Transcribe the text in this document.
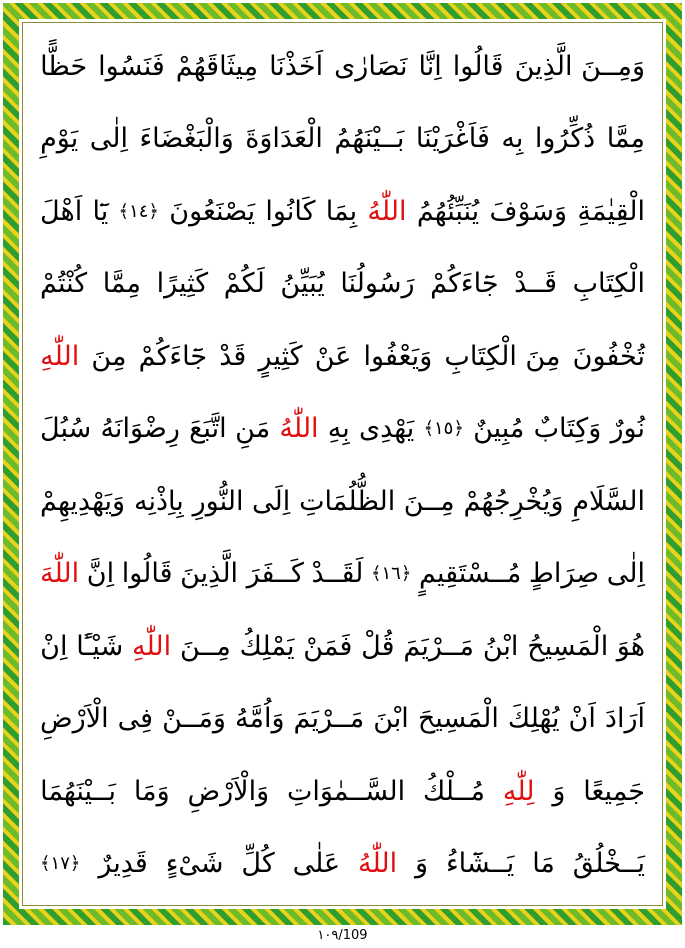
وَمِــنَ الَّذِينَ
قَالُوا
اِنَّا
نَصَارٰى
اَخَذْنَا
مِيثَاقَهُمْ
فَنَسُوا
حَظًّا
مِمَّا
ذُكِّرُوا
بِه
فَاَغْرَيْنَا
بَــيْنَهُمُ
الْعَدَاوَةَ
وَالْبَغْضَاءَ
اِلٰى
يَوْمِ
الْقِيٰمَةِ
وَسَوْفَ
يُنَبِّئُهُمُ
اللّٰهُ
بِمَا
كَانُوا
يَصْنَعُونَ
﴿١٤﴾
يَٓا
اَهْلَ
الْكِتَابِ
قَــدْ
جَٓاءَكُمْ
رَسُولُنَا
يُبَيِّنُ
لَكُمْ
كَثِيرًا
مِمَّا
كُنْتُمْ
تُخْفُونَ
مِنَ الْكِتَابِ
وَيَعْفُوا
عَنْ
كَثِيرٍ
قَدْ
جَٓاءَكُمْ
مِنَ
اللّٰهِ
نُورٌ
وَكِتَابٌ
مُبِينٌ
﴿١٥﴾
يَهْدِى
بِهِ
اللّٰهُ
مَنِ اتَّبَعَ
رِضْوَانَهُ
سُبُلَ
السَّلَامِ
وَيُخْرِجُهُمْ
مِــنَ الظُّلُمَاتِ
اِلَى النُّورِ
بِاِذْنِه
وَيَهْدِيهِمْ
اِلٰى
صِرَاطٍ
مُــسْتَقِيمٍ
﴿١٦﴾
لَقَــدْ
كَــفَرَ الَّذِينَ
قَالُوا
اِنَّ
اللّٰهَ
هُوَ الْمَسِيحُ
ابْنُ
مَــرْيَمَ
قُلْ
فَمَنْ
يَمْلِكُ
مِــنَ
اللّٰهِ
شَيْـًٔا
اِنْ
اَرَادَ
اَنْ
يُهْلِكَ
الْمَسِيحَ
ابْنَ
مَــرْيَمَ
وَاُمَّهُ
وَمَــنْ
فِى
الْاَرْضِ
جَمِيعًا
وَ
لِلّٰهِ
مُــلْكُ
السَّــمٰوَاتِ
وَالْاَرْضِ
وَمَا
بَــيْنَهُمَا
يَــخْلُقُ
مَا
يَــشَٓاءُ
وَ
اللّٰهُ
عَلٰى
كُلِّ
شَىْءٍ
قَدِيرٌ
﴿١٧﴾
١٠٩/109
